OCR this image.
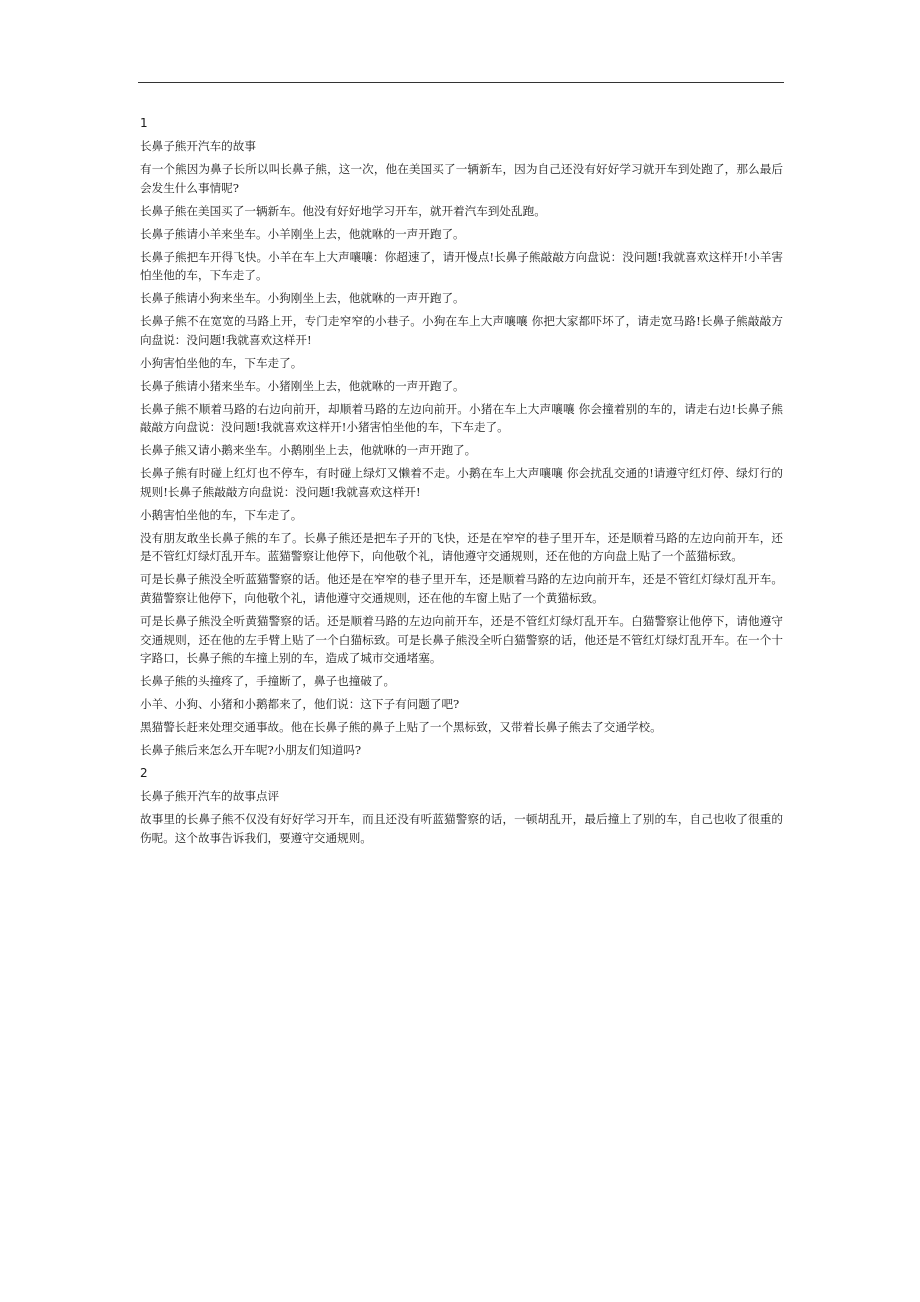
1

长鼻子熊开汽车的故事

有一个熊因为鼻子长所以叫长鼻子熊，这一次，他在美国买了一辆新车，因为自己还没有好好学习就开车到处跑了，那么最后会发生什么事情呢?

长鼻子熊在美国买了一辆新车。他没有好好地学习开车，就开着汽车到处乱跑。

长鼻子熊请小羊来坐车。小羊刚坐上去，他就咻的一声开跑了。

长鼻子熊把车开得飞快。小羊在车上大声嚷嚷：你超速了，请开慢点!长鼻子熊敲敲方向盘说：没问题!我就喜欢这样开!小羊害怕坐他的车，下车走了。

长鼻子熊请小狗来坐车。小狗刚坐上去，他就咻的一声开跑了。

长鼻子熊不在宽宽的马路上开，专门走窄窄的小巷子。小狗在车上大声嚷嚷 你把大家都吓坏了，请走宽马路!长鼻子熊敲敲方向盘说：没问题!我就喜欢这样开!

小狗害怕坐他的车，下车走了。

长鼻子熊请小猪来坐车。小猪刚坐上去，他就咻的一声开跑了。

长鼻子熊不顺着马路的右边向前开，却顺着马路的左边向前开。小猪在车上大声嚷嚷 你会撞着别的车的，请走右边!长鼻子熊敲敲方向盘说：没问题!我就喜欢这样开!小猪害怕坐他的车，下车走了。

长鼻子熊又请小鹅来坐车。小鹅刚坐上去，他就咻的一声开跑了。

长鼻子熊有时碰上红灯也不停车，有时碰上绿灯又懒着不走。小鹅在车上大声嚷嚷 你会扰乱交通的!请遵守红灯停、绿灯行的规则!长鼻子熊敲敲方向盘说：没问题!我就喜欢这样开!

小鹅害怕坐他的车，下车走了。

没有朋友敢坐长鼻子熊的车了。长鼻子熊还是把车子开的飞快，还是在窄窄的巷子里开车，还是顺着马路的左边向前开车，还是不管红灯绿灯乱开车。蓝猫警察让他停下，向他敬个礼，请他遵守交通规则，还在他的方向盘上贴了一个蓝猫标致。

可是长鼻子熊没全听蓝猫警察的话。他还是在窄窄的巷子里开车，还是顺着马路的左边向前开车，还是不管红灯绿灯乱开车。黄猫警察让他停下，向他敬个礼，请他遵守交通规则，还在他的车窗上贴了一个黄猫标致。

可是长鼻子熊没全听黄猫警察的话。还是顺着马路的左边向前开车，还是不管红灯绿灯乱开车。白猫警察让他停下，请他遵守交通规则，还在他的左手臂上贴了一个白猫标致。可是长鼻子熊没全听白猫警察的话，他还是不管红灯绿灯乱开车。在一个十字路口，长鼻子熊的车撞上别的车，造成了城市交通堵塞。

长鼻子熊的头撞疼了，手撞断了，鼻子也撞破了。

小羊、小狗、小猪和小鹅都来了，他们说：这下子有问题了吧?

黑猫警长赶来处理交通事故。他在长鼻子熊的鼻子上贴了一个黑标致，又带着长鼻子熊去了交通学校。

长鼻子熊后来怎么开车呢?小朋友们知道吗?

2

长鼻子熊开汽车的故事点评

故事里的长鼻子熊不仅没有好好学习开车，而且还没有听蓝猫警察的话，一顿胡乱开，最后撞上了别的车，自己也收了很重的伤呢。这个故事告诉我们，要遵守交通规则。
